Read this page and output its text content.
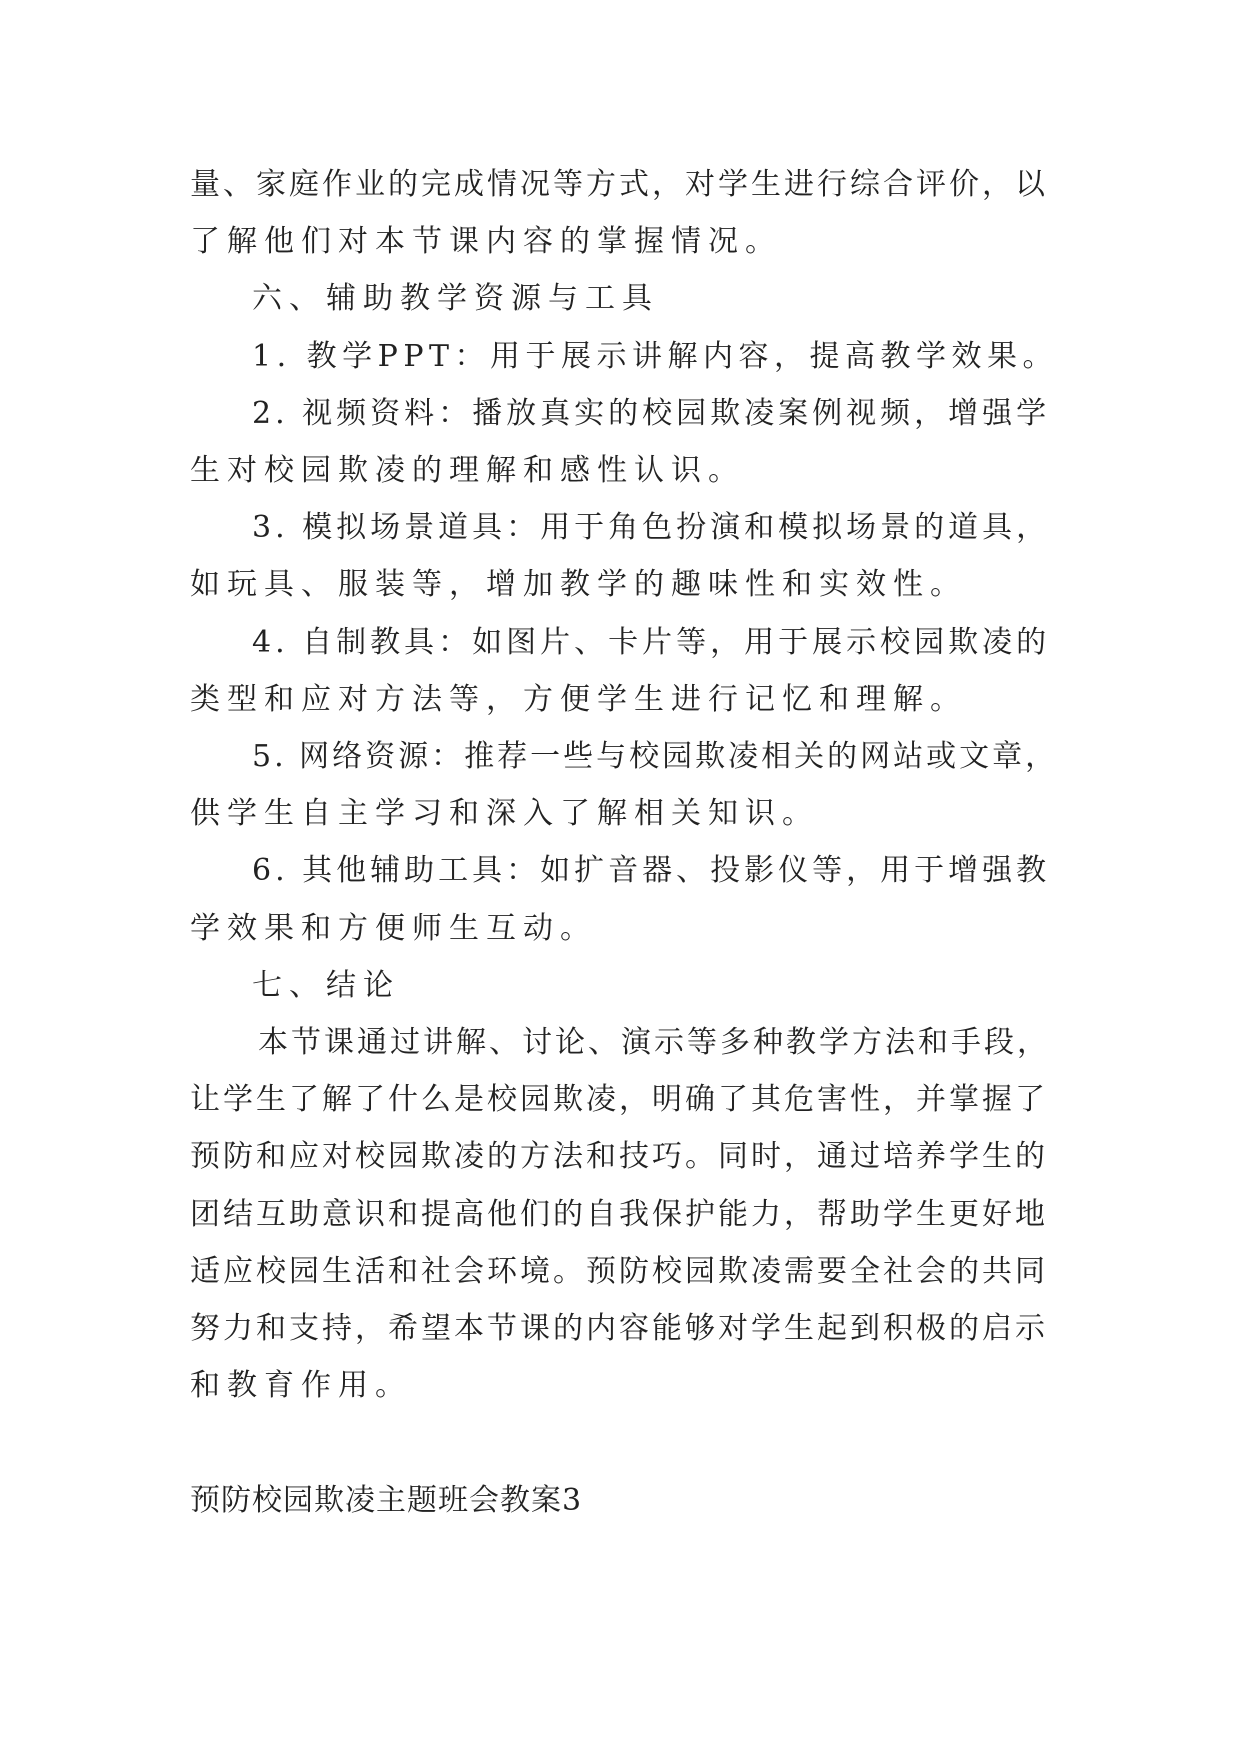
量、家庭作业的完成情况等方式，对学生进行综合评价，以
了解他们对本节课内容的掌握情况。
六、辅助教学资源与工具
1. 教学PPT：用于展示讲解内容，提高教学效果。
2. 视频资料：播放真实的校园欺凌案例视频，增强学
生对校园欺凌的理解和感性认识。
3. 模拟场景道具：用于角色扮演和模拟场景的道具，
如玩具、服装等，增加教学的趣味性和实效性。
4. 自制教具：如图片、卡片等，用于展示校园欺凌的
类型和应对方法等，方便学生进行记忆和理解。
5. 网络资源：推荐一些与校园欺凌相关的网站或文章，
供学生自主学习和深入了解相关知识。
6. 其他辅助工具：如扩音器、投影仪等，用于增强教
学效果和方便师生互动。
七、结论
本节课通过讲解、讨论、演示等多种教学方法和手段，
让学生了解了什么是校园欺凌，明确了其危害性，并掌握了
预防和应对校园欺凌的方法和技巧。同时，通过培养学生的
团结互助意识和提高他们的自我保护能力，帮助学生更好地
适应校园生活和社会环境。预防校园欺凌需要全社会的共同
努力和支持，希望本节课的内容能够对学生起到积极的启示
和教育作用。
预防校园欺凌主题班会教案3
